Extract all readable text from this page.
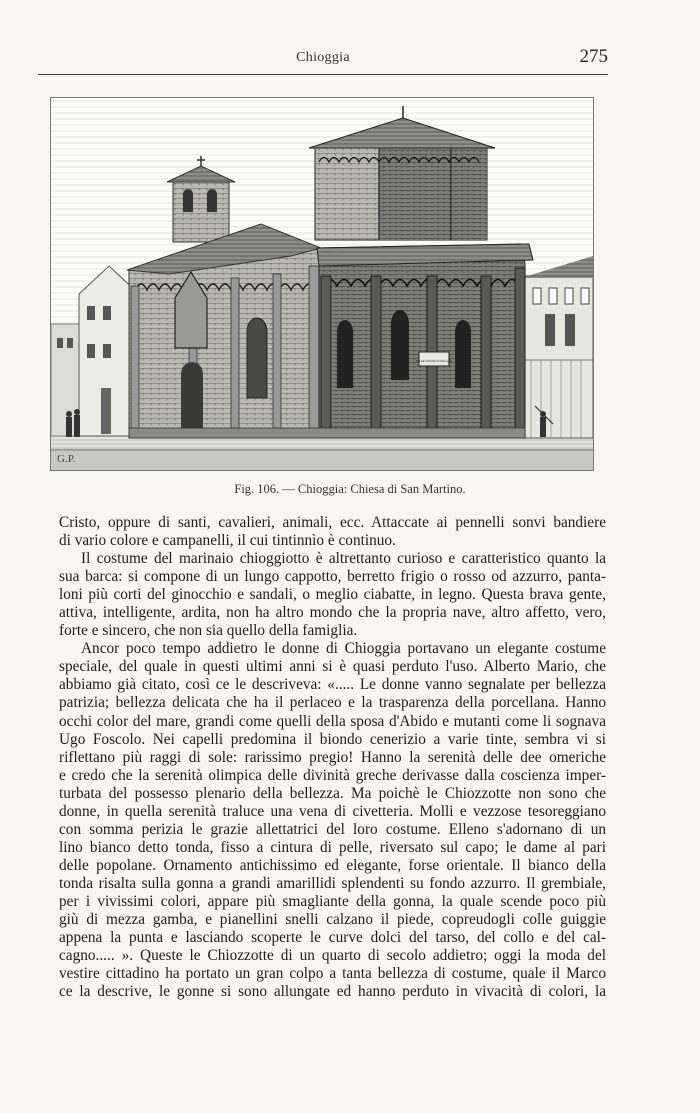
Chioggia	275
G.P.
TALLE CASAE DI PALAZZI
Fig. 106. — Chioggia: Chiesa di San Martino.

Cristo, oppure di santi, cavalieri, animali, ecc. Attaccate ai pennelli sonvi bandiere
di vario colore e campanelli, il cui tintinnìo è continuo.

Il costume del marinaio chioggiotto è altrettanto curioso e caratteristico quanto la
sua barca: si compone di un lungo cappotto, berretto frigio o rosso od azzurro, panta-
loni più corti del ginocchio e sandali, o meglio ciabatte, in legno. Questa brava gente,
attiva, intelligente, ardita, non ha altro mondo che la propria nave, altro affetto, vero,
forte e sincero, che non sia quello della famiglia.

Ancor poco tempo addietro le donne di Chioggia portavano un elegante costume
speciale, del quale in questi ultimi anni si è quasi perduto l'uso. Alberto Mario, che
abbiamo già citato, così ce le descriveva: «..... Le donne vanno segnalate per bellezza
patrizia; bellezza delicata che ha il perlaceo e la trasparenza della porcellana. Hanno
occhi color del mare, grandi come quelli della sposa d'Abido e mutanti come li sognava
Ugo Foscolo. Nei capelli predomina il biondo cenerizio a varie tinte, sembra vi si
riflettano più raggi di sole: rarissimo pregio! Hanno la serenità delle dee omeriche
e credo che la serenità olimpica delle divinità greche derivasse dalla coscienza imper-
turbata del possesso plenario della bellezza. Ma poichè le Chiozzotte non sono che
donne, in quella serenità traluce una vena di civetteria. Molli e vezzose tesoreggiano
con somma perizia le grazie allettatrici del loro costume. Elleno s'adornano di un
lino bianco detto tonda, fisso a cintura di pelle, riversato sul capo; le dame al pari
delle popolane. Ornamento antichissimo ed elegante, forse orientale. Il bianco della
tonda risalta sulla gonna a grandi amarillidi splendenti su fondo azzurro. Il grembiale,
per i vivissimi colori, appare più smagliante della gonna, la quale scende poco più
giù di mezza gamba, e pianellini snelli calzano il piede, copreudogli colle guiggie
appena la punta e lasciando scoperte le curve dolci del tarso, del collo e del cal-
cagno..... ». Queste le Chiozzotte di un quarto di secolo addietro; oggi la moda del
vestire cittadino ha portato un gran colpo a tanta bellezza di costume, quale il Marco
ce la descrive, le gonne si sono allungate ed hanno perduto in vivacità di colori, la
